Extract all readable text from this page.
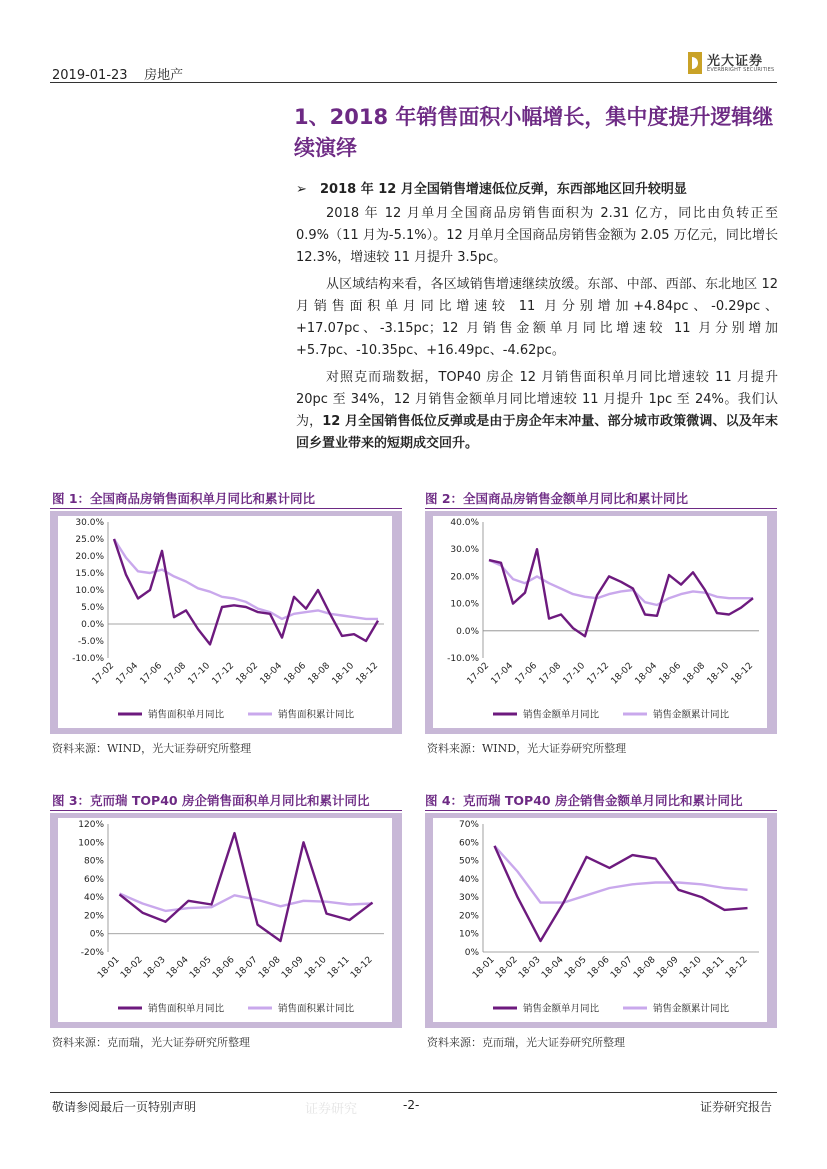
2019-01-23 房地产
光大证券
EVERBRIGHT SECURITIES
1、2018 年销售面积小幅增长，集中度提升逻辑继续演绎
➢ 2018 年 12 月全国销售增速低位反弹，东西部地区回升较明显
2018 年 12 月单月全国商品房销售面积为 2.31 亿方，同比由负转正至 0.9%（11 月为-5.1%）。12 月单月全国商品房销售金额为 2.05 万亿元，同比增长 12.3%，增速较 11 月提升 3.5pc。
从区域结构来看，各区域销售增速继续放缓。东部、中部、西部、东北地区 12 月销售面积单月同比增速较 11 月分别增加+4.84pc、-0.29pc、+17.07pc、-3.15pc；12 月销售金额单月同比增速较 11 月分别增加+5.7pc、-10.35pc、+16.49pc、-4.62pc。
对照克而瑞数据，TOP40 房企 12 月销售面积单月同比增速较 11 月提升 20pc 至 34%，12 月销售金额单月同比增速较 11 月提升 1pc 至 24%。我们认为，12 月全国销售低位反弹或是由于房企年末冲量、部分城市政策微调、以及年末回乡置业带来的短期成交回升。
图 1：全国商品房销售面积单月同比和累计同比
30.0%
25.0%
20.0%
15.0%
10.0%
5.0%
0.0%
-5.0%
-10.0%
17-02
17-04
17-06
17-08
17-10
17-12
18-02
18-04
18-06
18-08
18-10
18-12
销售面积单月同比	销售面积累计同比
资料来源：WIND，光大证券研究所整理
图 2：全国商品房销售金额单月同比和累计同比
40.0%
30.0%
20.0%
10.0%
0.0%
-10.0%
17-02
17-04
17-06
17-08
17-10
17-12
18-02
18-04
18-06
18-08
18-10
18-12
销售金额单月同比	销售金额累计同比
资料来源：WIND，光大证券研究所整理
图 3：克而瑞 TOP40 房企销售面积单月同比和累计同比
120%
100%
80%
60%
40%
20%
0%
-20%
18-01
18-02
18-03
18-04
18-05
18-06
18-07
18-08
18-09
18-10
18-11
18-12
销售面积单月同比	销售面积累计同比
资料来源：克而瑞，光大证券研究所整理
图 4：克而瑞 TOP40 房企销售金额单月同比和累计同比
70%
60%
50%
40%
30%
20%
10%
0%
18-01
18-02
18-03
18-04
18-05
18-06
18-07
18-08
18-09
18-10
18-11
18-12
销售金额单月同比	销售金额累计同比
资料来源：克而瑞，光大证券研究所整理
敬请参阅最后一页特别声明	证券研究	-2-	证券研究报告
